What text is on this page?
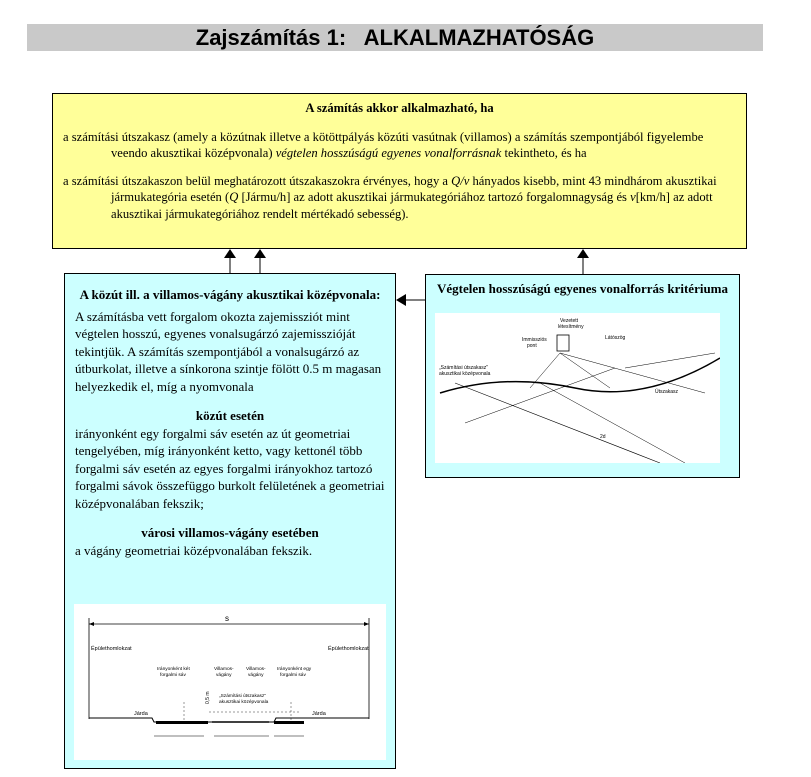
Zajszámítás 1:   ALKALMAZHATÓSÁG
A számítás akkor alkalmazható, ha

a számítási útszakasz (amely a közútnak illetve a kötöttpályás közúti vasútnak (villamos) a számítás szempontjából figyelembe veendo akusztikai középvonala) végtelen hosszúságú egyenes vonalforrásnak tekintheto, és ha

a számítási útszakaszon belül meghatározott útszakaszokra érvényes, hogy a Q/v hányados kisebb, mint 43 mindhárom akusztikai jármukategória esetén (Q [Jármu/h] az adott akusztikai jármukategóriához tartozó forgalomnagyság és v[km/h] az adott akusztikai jármukategóriához rendelt mértékadó sebesség).

A közút ill. a villamos-vágány akusztikai középvonala:

A számításba vett forgalom okozta zajemissziót mint végtelen hosszú, egyenes vonalsugárzó zajemisszióját tekintjük. A számítás szempontjából a vonalsugárzó az útburkolat, illetve a sínkorona szintje fölött 0.5 m magasan helyezkedik el, míg a nyomvonala

közút esetén

irányonként egy forgalmi sáv esetén az út geometriai tengelyében, míg irányonként ketto, vagy kettonél több forgalmi sáv esetén az egyes forgalmi irányokhoz tartozó forgalmi sávok összefüggo burkolt felületének a geometriai középvonalában fekszik;

városi villamos-vágány esetében

a vágány geometriai középvonalában fekszik.

s
Épülethomlokzat	Épülethomlokzat
Irányonként két
forgalmi sáv
Villamos-
vágány
Villamos-
vágány
Irányonként egy
forgalmi sáv
„Számítási útszakasz"
akusztikai középvonala
0,5 m
Járda	Járda
Végtelen hosszúságú egyenes vonalforrás kritériuma
Vezetett
létesítmény
Immissziós
pont
Látószög
„Számítási útszakasz"
akusztikai középvonala
Útszakasz
2d
